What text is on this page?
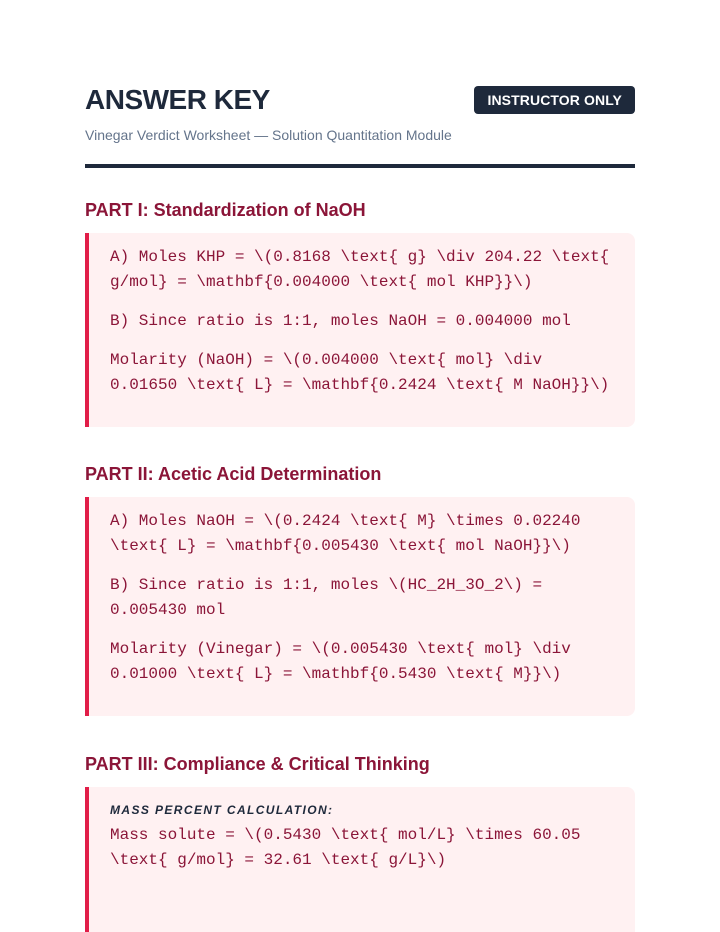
ANSWER KEY
Vinegar Verdict Worksheet — Solution Quantitation Module
INSTRUCTOR ONLY
PART I: Standardization of NaOH

A) Moles KHP = \(0.8168 \text{ g} \div 204.22 \text{ g/mol} = \mathbf{0.004000 \text{ mol KHP}}\)

B) Since ratio is 1:1, moles NaOH = 0.004000 mol

Molarity (NaOH) = \(0.004000 \text{ mol} \div 0.01650 \text{ L} = \mathbf{0.2424 \text{ M NaOH}}\)

PART II: Acetic Acid Determination

A) Moles NaOH = \(0.2424 \text{ M} \times 0.02240 \text{ L} = \mathbf{0.005430 \text{ mol NaOH}}\)

B) Since ratio is 1:1, moles \(HC_2H_3O_2\) = 0.005430 mol

Molarity (Vinegar) = \(0.005430 \text{ mol} \div 0.01000 \text{ L} = \mathbf{0.5430 \text{ M}}\)

PART III: Compliance & Critical Thinking
MASS PERCENT CALCULATION:

Mass solute = \(0.5430 \text{ mol/L} \times 60.05 \text{ g/mol} = 32.61 \text{ g/L}\)
